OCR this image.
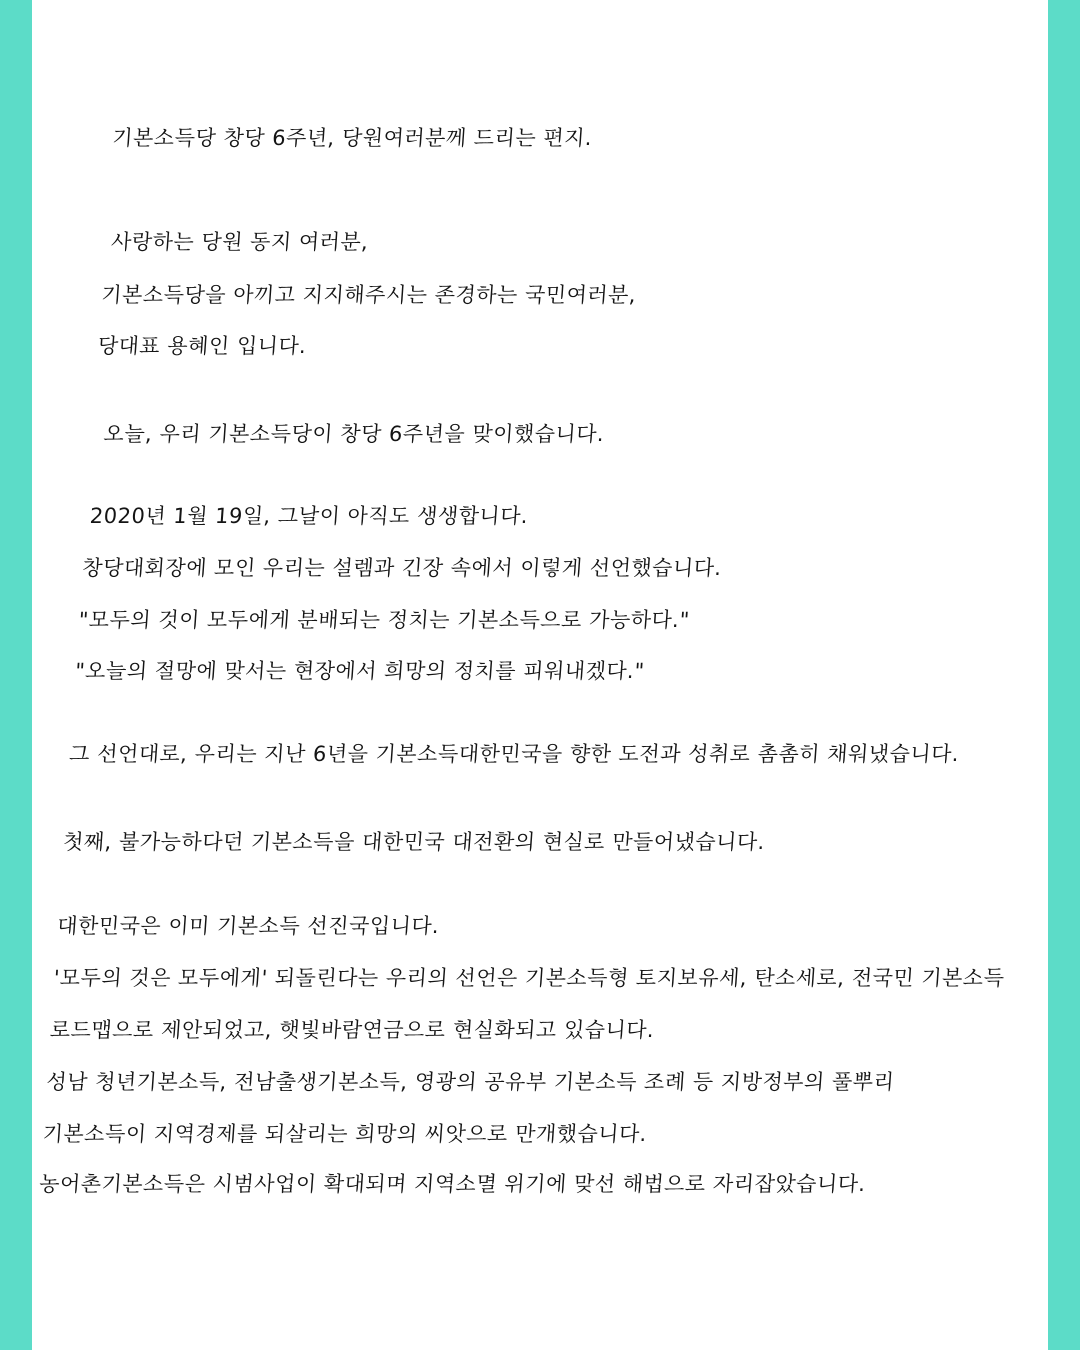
기본소득당 창당 6주년, 당원여러분께 드리는 편지.
사랑하는 당원 동지 여러분,
기본소득당을 아끼고 지지해주시는 존경하는 국민여러분,
당대표 용혜인 입니다.
오늘, 우리 기본소득당이 창당 6주년을 맞이했습니다.
2020년 1월 19일, 그날이 아직도 생생합니다.
창당대회장에 모인 우리는 설렘과 긴장 속에서 이렇게 선언했습니다.
"모두의 것이 모두에게 분배되는 정치는 기본소득으로 가능하다."
"오늘의 절망에 맞서는 현장에서 희망의 정치를 피워내겠다."
그 선언대로, 우리는 지난 6년을 기본소득대한민국을 향한 도전과 성취로 촘촘히 채워냈습니다.
첫째, 불가능하다던 기본소득을 대한민국 대전환의 현실로 만들어냈습니다.
대한민국은 이미 기본소득 선진국입니다.
'모두의 것은 모두에게' 되돌린다는 우리의 선언은 기본소득형 토지보유세, 탄소세로, 전국민 기본소득
로드맵으로 제안되었고, 햇빛바람연금으로 현실화되고 있습니다.
성남 청년기본소득, 전남출생기본소득, 영광의 공유부 기본소득 조례 등 지방정부의 풀뿌리
기본소득이 지역경제를 되살리는 희망의 씨앗으로 만개했습니다.
농어촌기본소득은 시범사업이 확대되며 지역소멸 위기에 맞선 해법으로 자리잡았습니다.
